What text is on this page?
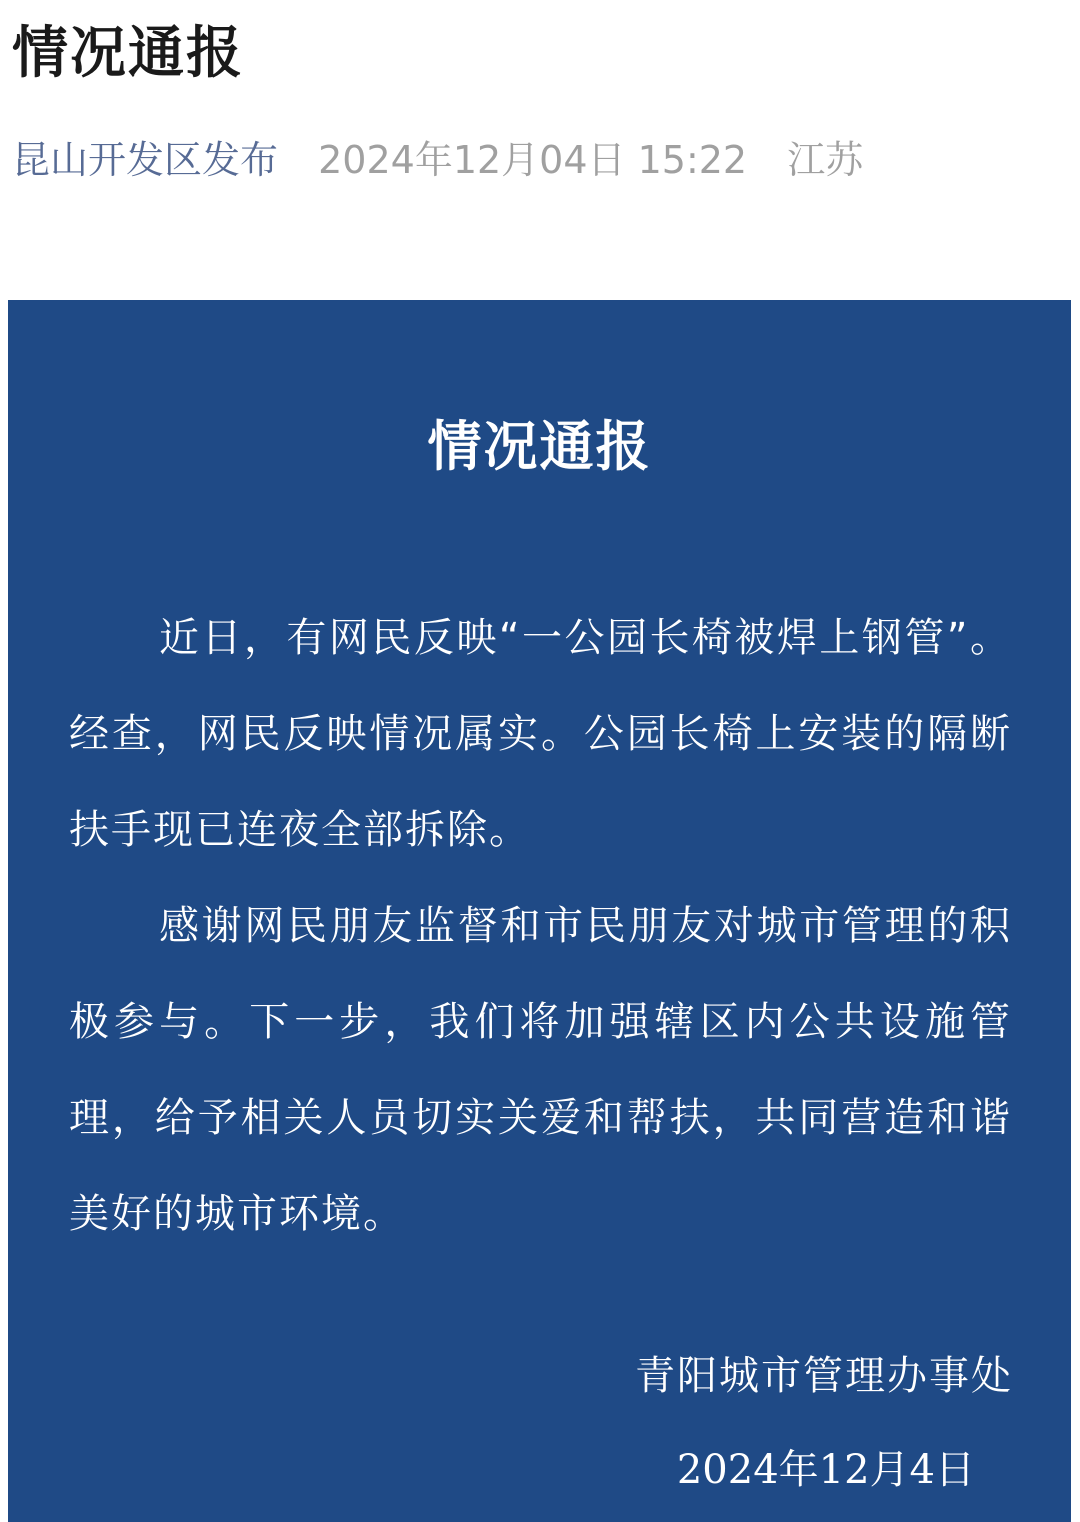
情况通报
昆山开发区发布 2024年12月04日 15:22 江苏
情况通报

近日，有网民反映“一公园长椅被焊上钢管”。经查，网民反映情况属实。公园长椅上安装的隔断扶手现已连夜全部拆除。

感谢网民朋友监督和市民朋友对城市管理的积极参与。下一步，我们将加强辖区内公共设施管理，给予相关人员切实关爱和帮扶，共同营造和谐美好的城市环境。

青阳城市管理办事处
2024年12月4日
